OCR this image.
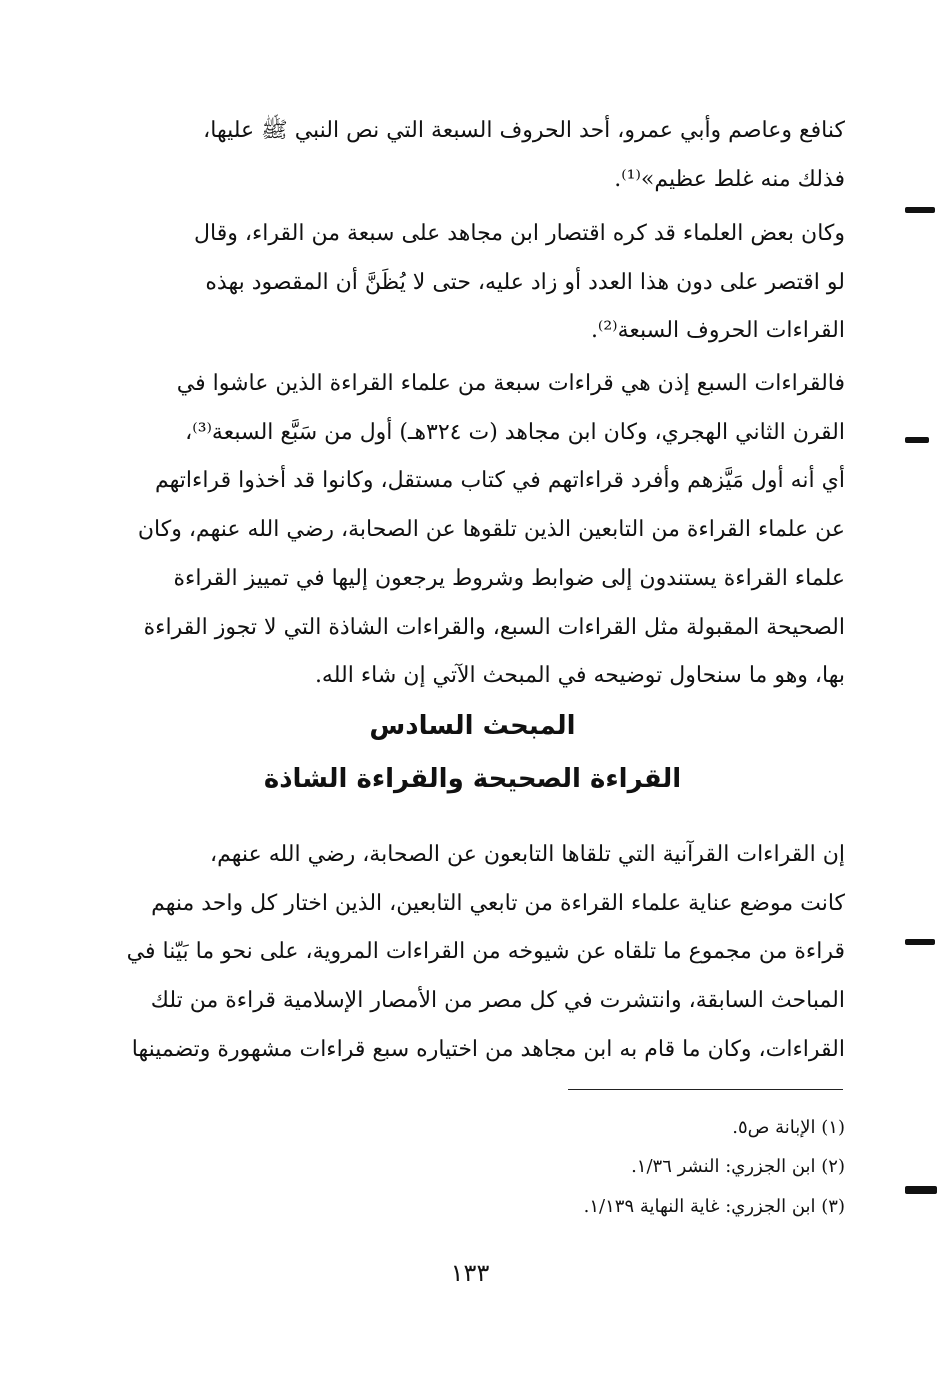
كنافع وعاصم وأبي عمرو، أحد الحروف السبعة التي نص النبي ﷺ عليها،
فذلك منه غلط عظيم»⁽¹⁾.

وكان بعض العلماء قد كره اقتصار ابن مجاهد على سبعة من القراء، وقال
لو اقتصر على دون هذا العدد أو زاد عليه، حتى لا يُظَنَّ أن المقصود بهذه
القراءات الحروف السبعة⁽²⁾.

فالقراءات السبع إذن هي قراءات سبعة من علماء القراءة الذين عاشوا في
القرن الثاني الهجري، وكان ابن مجاهد (ت ٣٢٤هـ) أول من سَبَّع السبعة⁽³⁾،
أي أنه أول مَيَّزهم وأفرد قراءاتهم في كتاب مستقل، وكانوا قد أخذوا قراءاتهم
عن علماء القراءة من التابعين الذين تلقوها عن الصحابة، رضي الله عنهم، وكان
علماء القراءة يستندون إلى ضوابط وشروط يرجعون إليها في تمييز القراءة
الصحيحة المقبولة مثل القراءات السبع، والقراءات الشاذة التي لا تجوز القراءة
بها، وهو ما سنحاول توضيحه في المبحث الآتي إن شاء الله.

المبحث السادس
القراءة الصحيحة والقراءة الشاذة

إن القراءات القرآنية التي تلقاها التابعون عن الصحابة، رضي الله عنهم،
كانت موضع عناية علماء القراءة من تابعي التابعين، الذين اختار كل واحد منهم
قراءة من مجموع ما تلقاه عن شيوخه من القراءات المروية، على نحو ما بَيّنا في
المباحث السابقة، وانتشرت في كل مصر من الأمصار الإسلامية قراءة من تلك
القراءات، وكان ما قام به ابن مجاهد من اختياره سبع قراءات مشهورة وتضمينها

(١) الإبانة ص٥.

(٢) ابن الجزري: النشر ١/٣٦.

(٣) ابن الجزري: غاية النهاية ١/١٣٩.

١٣٣
